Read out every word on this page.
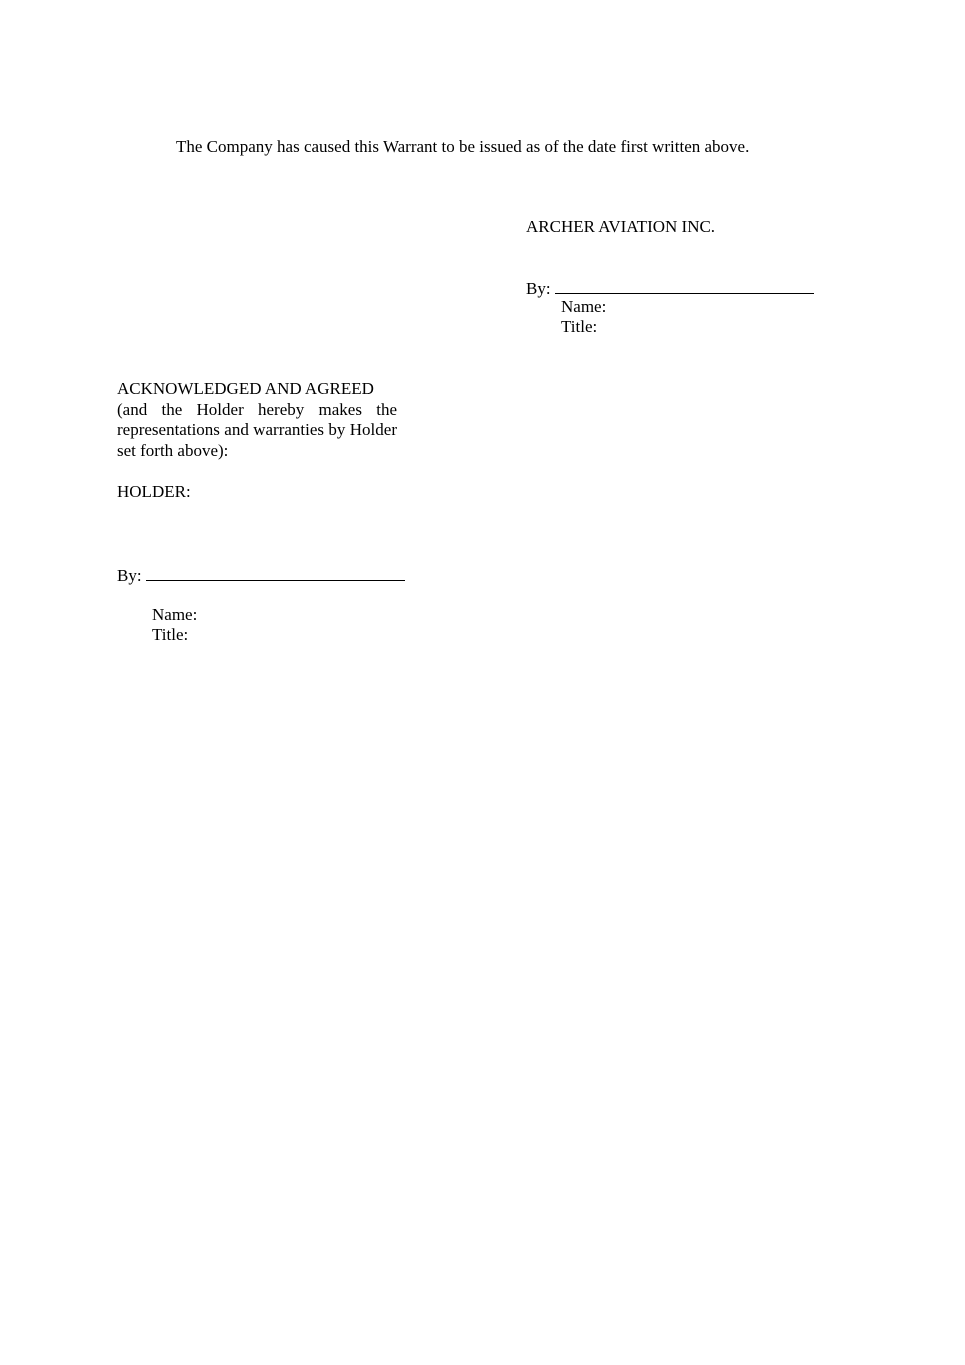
The Company has caused this Warrant to be issued as of the date first written above.
ARCHER AVIATION INC.
By:
Name:
Title:
ACKNOWLEDGED AND AGREED
(and the Holder hereby makes the representations and warranties by Holder set forth above):
HOLDER:
By:
Name:
Title:
